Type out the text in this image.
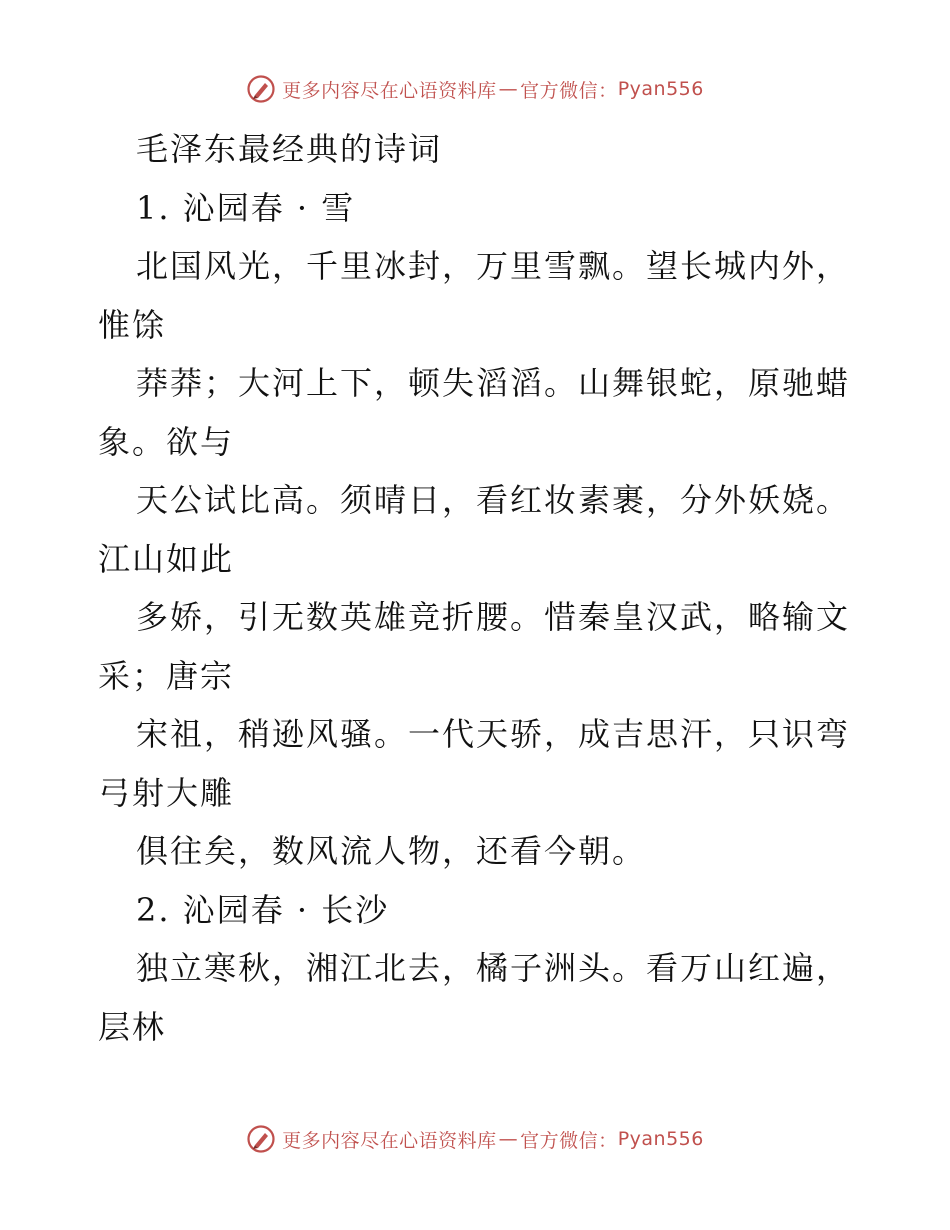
更多内容尽在心语资料库 — 官方微信： Pyan556
毛泽东最经典的诗词
1. 沁园春 · 雪
北国风光，千里冰封，万里雪飘。望长城内外，
惟馀
莽莽；大河上下，顿失滔滔。山舞银蛇，原驰蜡
象。欲与
天公试比高。须晴日，看红妆素裹，分外妖娆。
江山如此
多娇，引无数英雄竞折腰。惜秦皇汉武，略输文
采；唐宗
宋祖，稍逊风骚。一代天骄，成吉思汗，只识弯
弓射大雕
俱往矣，数风流人物，还看今朝。
2. 沁园春 · 长沙
独立寒秋，湘江北去，橘子洲头。看万山红遍，
层林
更多内容尽在心语资料库 — 官方微信： Pyan556
